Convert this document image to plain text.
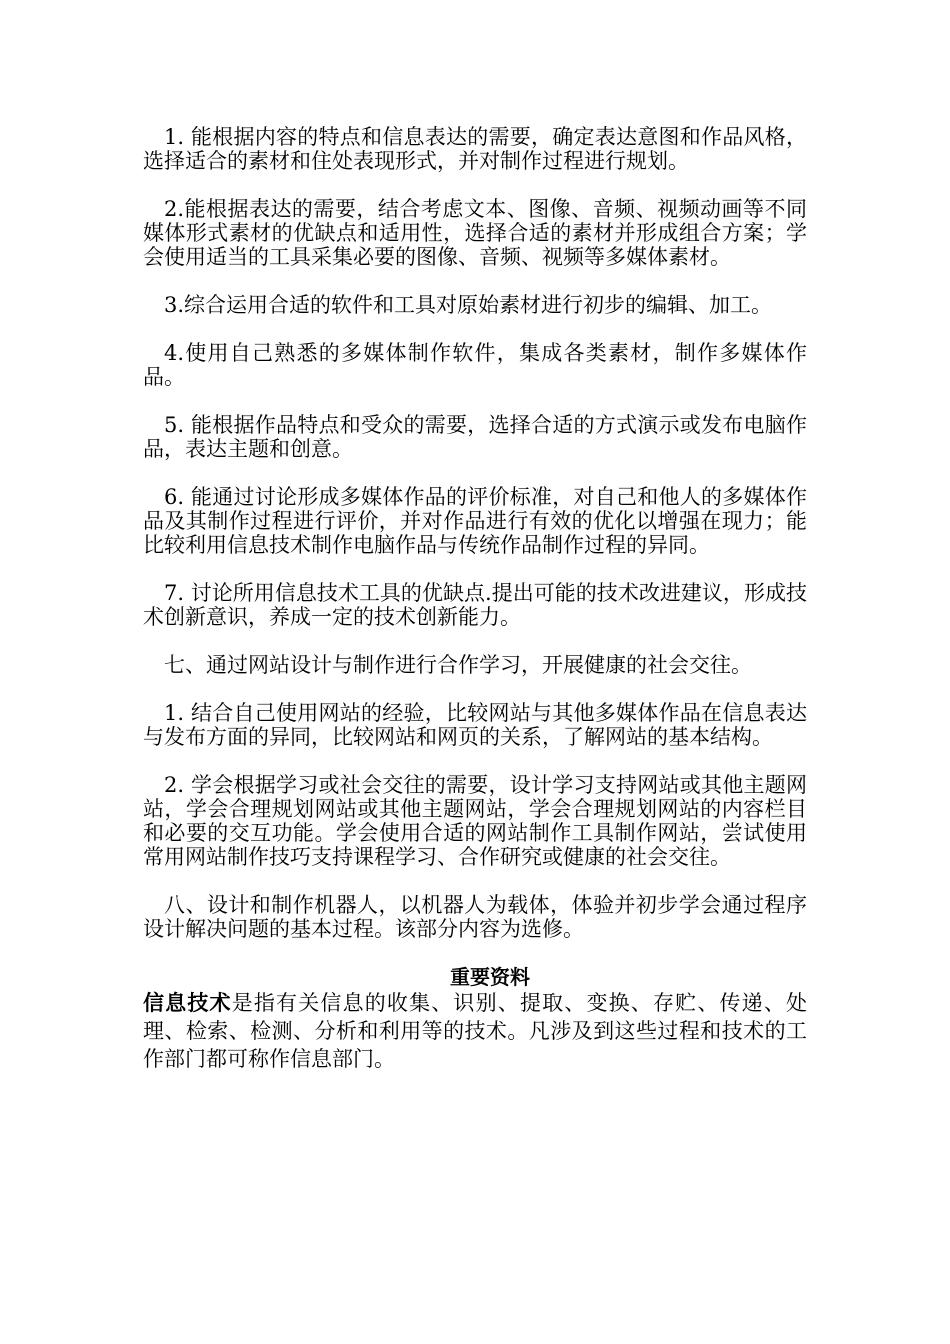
1. 能根据内容的特点和信息表达的需要，确定表达意图和作品风格，选择适合的素材和住处表现形式，并对制作过程进行规划。

2.能根据表达的需要，结合考虑文本、图像、音频、视频动画等不同媒体形式素材的优缺点和适用性，选择合适的素材并形成组合方案；学会使用适当的工具采集必要的图像、音频、视频等多媒体素材。

3.综合运用合适的软件和工具对原始素材进行初步的编辑、加工。

4.使用自己熟悉的多媒体制作软件，集成各类素材，制作多媒体作品。

5. 能根据作品特点和受众的需要，选择合适的方式演示或发布电脑作品，表达主题和创意。

6. 能通过讨论形成多媒体作品的评价标准，对自己和他人的多媒体作品及其制作过程进行评价，并对作品进行有效的优化以增强在现力；能比较利用信息技术制作电脑作品与传统作品制作过程的异同。

7. 讨论所用信息技术工具的优缺点.提出可能的技术改进建议，形成技术创新意识，养成一定的技术创新能力。

七、通过网站设计与制作进行合作学习，开展健康的社会交往。

1. 结合自己使用网站的经验，比较网站与其他多媒体作品在信息表达与发布方面的异同，比较网站和网页的关系，了解网站的基本结构。

2. 学会根据学习或社会交往的需要，设计学习支持网站或其他主题网站，学会合理规划网站或其他主题网站，学会合理规划网站的内容栏目和必要的交互功能。学会使用合适的网站制作工具制作网站，尝试使用常用网站制作技巧支持课程学习、合作研究或健康的社会交往。

八、设计和制作机器人，以机器人为载体，体验并初步学会通过程序设计解决问题的基本过程。该部分内容为选修。

重要资料

信息技术是指有关信息的收集、识别、提取、变换、存贮、传递、处理、检索、检测、分析和利用等的技术。凡涉及到这些过程和技术的工作部门都可称作信息部门。
